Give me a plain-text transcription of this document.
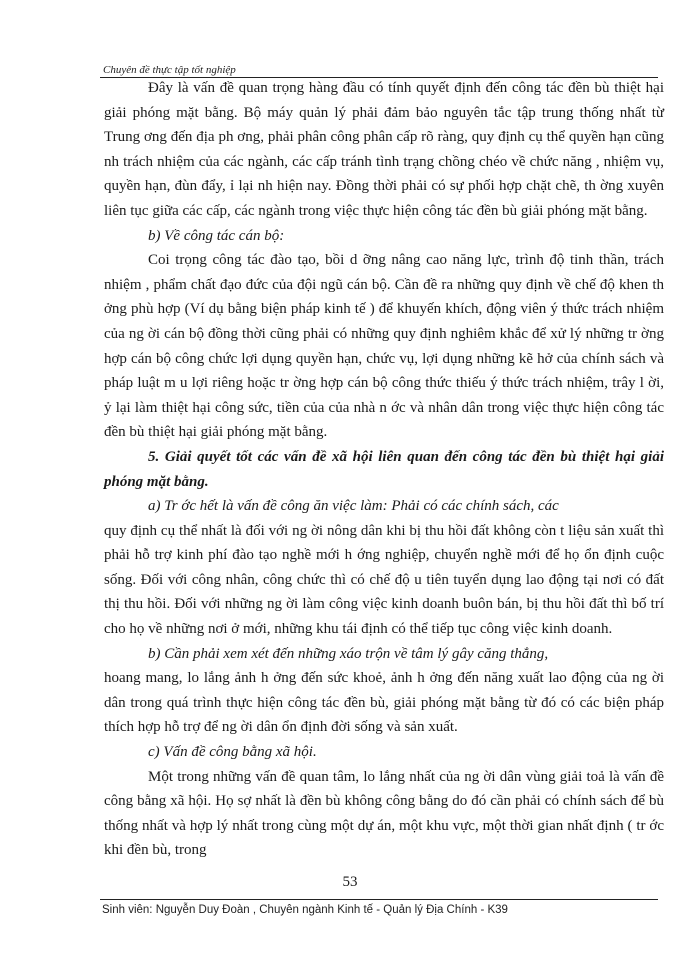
Chuyên đề thực tập tốt nghiệp

Đây là vấn đề quan trọng hàng đầu có tính quyết định đến công tác đền bù thiệt hại giải phóng mặt bằng. Bộ máy quản lý phải đảm bảo nguyên tắc tập trung thống nhất từ Trung ơng đến địa ph ơng, phải phân công phân cấp rõ ràng, quy định cụ thể quyền hạn cũng nh trách nhiệm của các ngành, các cấp tránh tình trạng chồng chéo về chức năng , nhiệm vụ, quyền hạn, đùn đẩy, ỉ lại nh hiện nay. Đồng thời phải có sự phối hợp chặt chẽ, th ờng xuyên liên tục giữa các cấp, các ngành trong việc thực hiện công tác đền bù giải phóng mặt bằng.

b) Về công tác cán bộ:

Coi trọng công tác đào tạo, bồi d ỡng nâng cao năng lực, trình độ tinh thần, trách nhiệm , phẩm chất đạo đức của đội ngũ cán bộ. Cần đề ra những quy định về chế độ khen th ởng phù hợp (Ví dụ bằng biện pháp kinh tế ) để khuyến khích, động viên ý thức trách nhiệm của ng ời cán bộ đồng thời cũng phải có những quy định nghiêm khắc để xử lý những tr ờng hợp cán bộ công chức lợi dụng quyền hạn, chức vụ, lợi dụng những kẽ hở của chính sách và pháp luật m u lợi riêng hoặc tr ờng hợp cán bộ công thức thiếu ý thức trách nhiệm, trây l ời, ỷ lại làm thiệt hại công sức, tiền của của nhà n ớc và nhân dân trong việc thực hiện công tác đền bù thiệt hại giải phóng mặt bằng.

5. Giải quyết tốt các vấn đề xã hội liên quan đến công tác đền bù thiệt hại giải phóng mặt bằng.

a) Tr ớc hết là vấn đề công ăn việc làm: Phải có các chính sách, các

quy định cụ thể nhất là đối với ng ời nông dân khi bị thu hồi đất không còn t liệu sản xuất thì phải hỗ trợ kinh phí đào tạo nghề mới h ớng nghiệp, chuyển nghề mới để họ ổn định cuộc sống. Đối với công nhân, công chức thì có chế độ u tiên tuyển dụng lao động tại nơi có đất thị thu hồi. Đối với những ng ời làm công việc kinh doanh buôn bán, bị thu hồi đất thì bố trí cho họ về những nơi ở mới, những khu tái định có thể tiếp tục công việc kinh doanh.

b) Cần phải xem xét đến những xáo trộn về tâm lý gây căng thẳng,

hoang mang, lo lắng ảnh h ởng đến sức khoẻ, ảnh h ởng đến năng xuất lao động của ng ời dân trong quá trình thực hiện công tác đền bù, giải phóng mặt bằng từ đó có các biện pháp thích hợp hỗ trợ để ng ời dân ổn định đời sống và sản xuất.

c) Vấn đề công bằng xã hội.

Một trong những vấn đề quan tâm, lo lắng nhất của ng ời dân vùng giải toả là vấn đề công bằng xã hội. Họ sợ nhất là đền bù không công bằng do đó cần phải có chính sách để bù thống nhất và hợp lý nhất trong cùng một dự án, một khu vực, một thời gian nhất định ( tr ớc khi đền bù, trong

53
Sinh viên: Nguyễn Duy Đoàn , Chuyên ngành Kinh tế - Quản lý Địa Chính - K39
